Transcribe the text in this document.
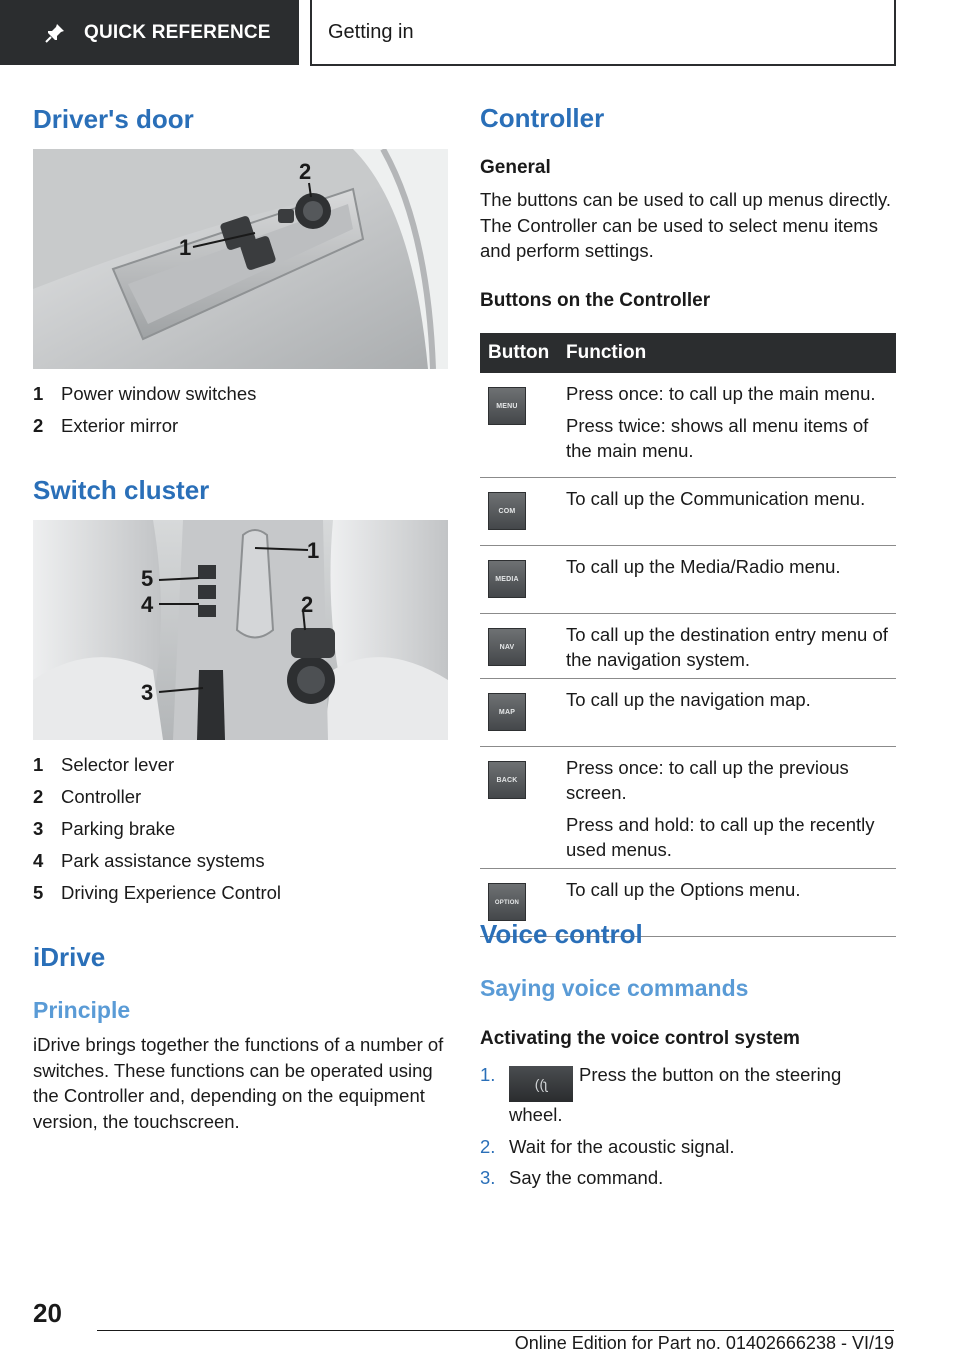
QUICK REFERENCE	Getting in
Driver's door
1
2
1 Power window switches
2 Exterior mirror
Switch cluster
1
2
3
4
5
1 Selector lever
2 Controller
3 Parking brake
4 Park assistance systems
5 Driving Experience Control
iDrive
Principle
iDrive brings together the functions of a number of switches. These functions can be operated using the Controller and, depending on the equipment version, the touchscreen.
Controller
General
The buttons can be used to call up menus directly. The Controller can be used to select menu items and perform settings.
Buttons on the Controller
Button	Function

MENU	Press once: to call up the main menu.

Press twice: shows all menu items of the main menu.

COM	To call up the Communication menu.

MEDIA	To call up the Media/Radio menu.

NAV	To call up the destination entry menu of the navigation system.

MAP	To call up the navigation map.

BACK	Press once: to call up the previous screen.

Press and hold: to call up the recently used menus.

OPTION	To call up the Options menu.

Voice control
Saying voice commands
Activating the voice control system
1.	((ʅ Press the button on the steering wheel.
2. Wait for the acoustic signal.
3. Say the command.
20
Online Edition for Part no. 01402666238 - VI/19
